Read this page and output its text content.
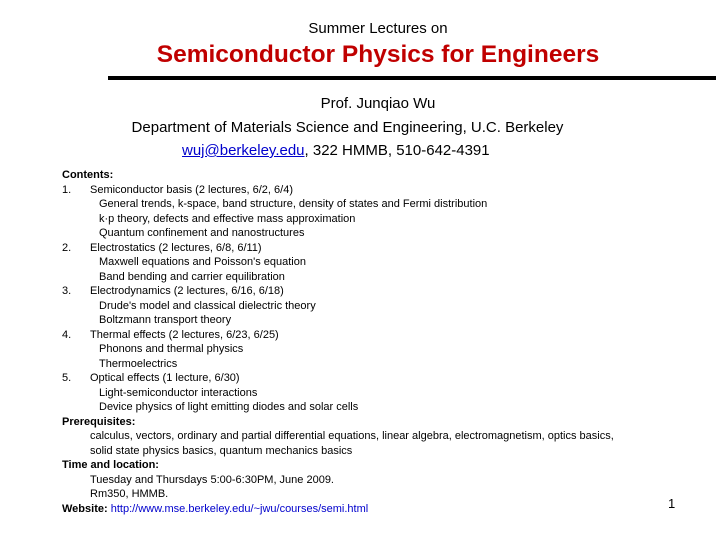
Summer Lectures on
Semiconductor Physics for Engineers
Prof. Junqiao Wu
Department of Materials Science and Engineering, U.C. Berkeley
wuj@berkeley.edu, 322 HMMB, 510-642-4391
Contents:
1. Semiconductor basis (2 lectures, 6/2, 6/4)
General trends, k-space, band structure, density of states and Fermi distribution
k·p theory, defects and effective mass approximation
Quantum confinement and nanostructures
2. Electrostatics (2 lectures, 6/8, 6/11)
Maxwell equations and Poisson's equation
Band bending and carrier equilibration
3. Electrodynamics (2 lectures, 6/16, 6/18)
Drude's model and classical dielectric theory
Boltzmann transport theory
4. Thermal effects (2 lectures, 6/23, 6/25)
Phonons and thermal physics
Thermoelectrics
5. Optical effects (1 lecture, 6/30)
Light-semiconductor interactions
Device physics of light emitting diodes and solar cells
Prerequisites:
calculus, vectors, ordinary and partial differential equations, linear algebra, electromagnetism, optics basics,
solid state physics basics, quantum mechanics basics
Time and location:
Tuesday and Thursdays 5:00-6:30PM, June 2009.
Rm350, HMMB.
Website: http://www.mse.berkeley.edu/~jwu/courses/semi.html	1
